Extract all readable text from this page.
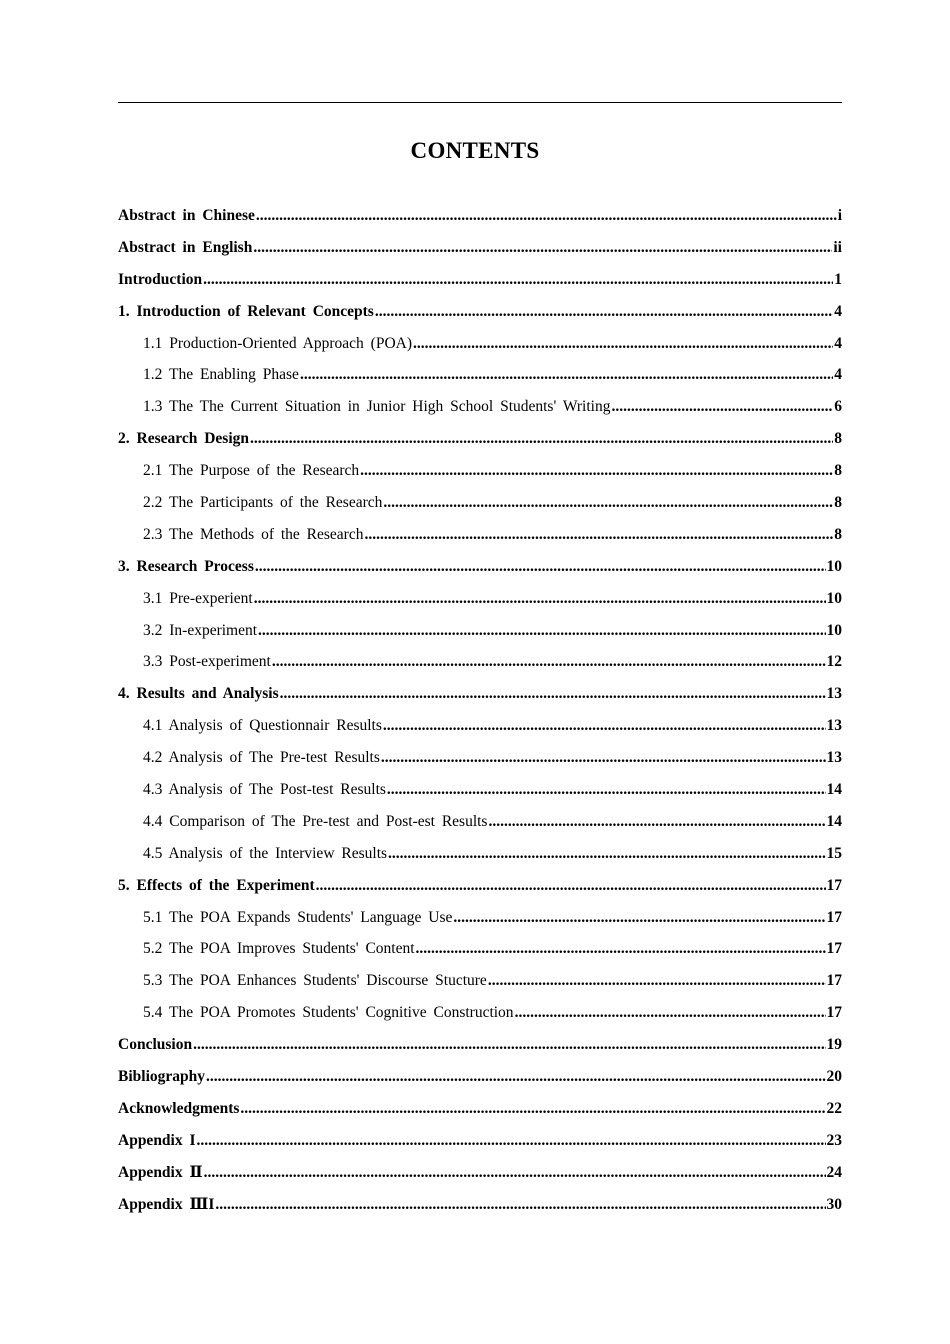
CONTENTS
Abstract in Chinese .....	i
Abstract in English .....	ii
Introduction .....	1
1. Introduction of Relevant Concepts .....	4
1.1 Production-Oriented Approach (POA) .....	4
1.2 The Enabling Phase .....	4
1.3 The The Current Situation in Junior High School Students' Writing .....	6
2. Research Design .....	8
2.1 The Purpose of the Research .....	8
2.2 The Participants of the Research .....	8
2.3 The Methods of the Research .....	8
3. Research Process .....	10
3.1 Pre-experient .....	10
3.2 In-experiment .....	10
3.3 Post-experiment .....	12
4. Results and Analysis .....	13
4.1 Analysis of Questionnair Results .....	13
4.2 Analysis of The Pre-test Results .....	13
4.3 Analysis of The Post-test Results .....	14
4.4 Comparison of The Pre-test and Post-est Results .....	14
4.5 Analysis of the Interview Results .....	15
5. Effects of the Experiment .....	17
5.1 The POA Expands Students' Language Use .....	17
5.2 The POA Improves Students' Content .....	17
5.3 The POA Enhances Students' Discourse Stucture .....	17
5.4 The POA Promotes Students' Cognitive Construction .....	17
Conclusion .....	19
Bibliography .....	20
Acknowledgments .....	22
Appendix I .....	23
Appendix Ⅱ .....	24
Appendix ⅢI .....	30
